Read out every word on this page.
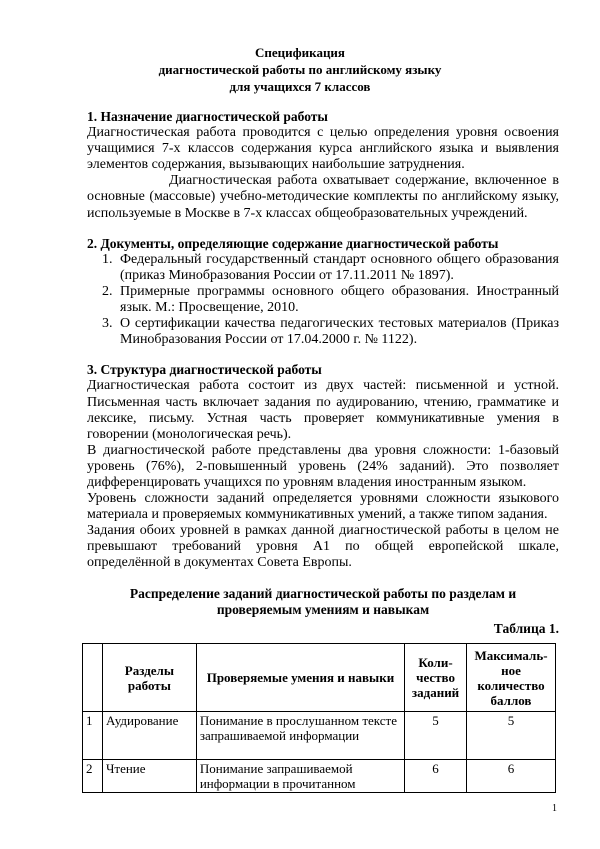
Спецификация
диагностической работы по английскому языку
для учащихся 7 классов

1. Назначение диагностической работы

Диагностическая работа проводится с целью определения уровня освоения учащимися 7-х классов содержания курса английского языка и выявления элементов содержания, вызывающих наибольшие затруднения.

Диагностическая работа охватывает содержание, включенное в основные (массовые) учебно-методические комплекты по английскому языку, используемые в Москве в 7-х классах общеобразовательных учреждений.

2. Документы, определяющие содержание диагностической работы

1. Федеральный государственный стандарт основного общего образования (приказ Минобразования России от 17.11.2011 № 1897).
2. Примерные программы основного общего образования. Иностранный язык. М.: Просвещение, 2010.
3. О сертификации качества педагогических тестовых материалов (Приказ Минобразования России от 17.04.2000 г. № 1122).

3. Структура диагностической работы

Диагностическая работа состоит из двух частей: письменной и устной. Письменная часть включает задания по аудированию, чтению, грамматике и лексике, письму. Устная часть проверяет коммуникативные умения в говорении (монологическая речь).

В диагностической работе представлены два уровня сложности: 1-базовый уровень (76%), 2-повышенный уровень (24% заданий). Это позволяет дифференцировать учащихся по уровням владения иностранным языком.

Уровень сложности заданий определяется уровнями сложности языкового материала и проверяемых коммуникативных умений, а также типом задания.

Задания обоих уровней в рамках данной диагностической работы в целом не превышают требований уровня А1 по общей европейской шкале, определённой в документах Совета Европы.

Распределение заданий диагностической работы по разделам и
проверяемым умениям и навыкам
Таблица 1.
	Разделы работы	Проверяемые умения и навыки	Коли-чество заданий	Максималь-ное количество баллов
1	Аудирование	Понимание в прослушанном тексте запрашиваемой информации	5	5
2	Чтение	Понимание запрашиваемой информации в прочитанном	6	6
1
